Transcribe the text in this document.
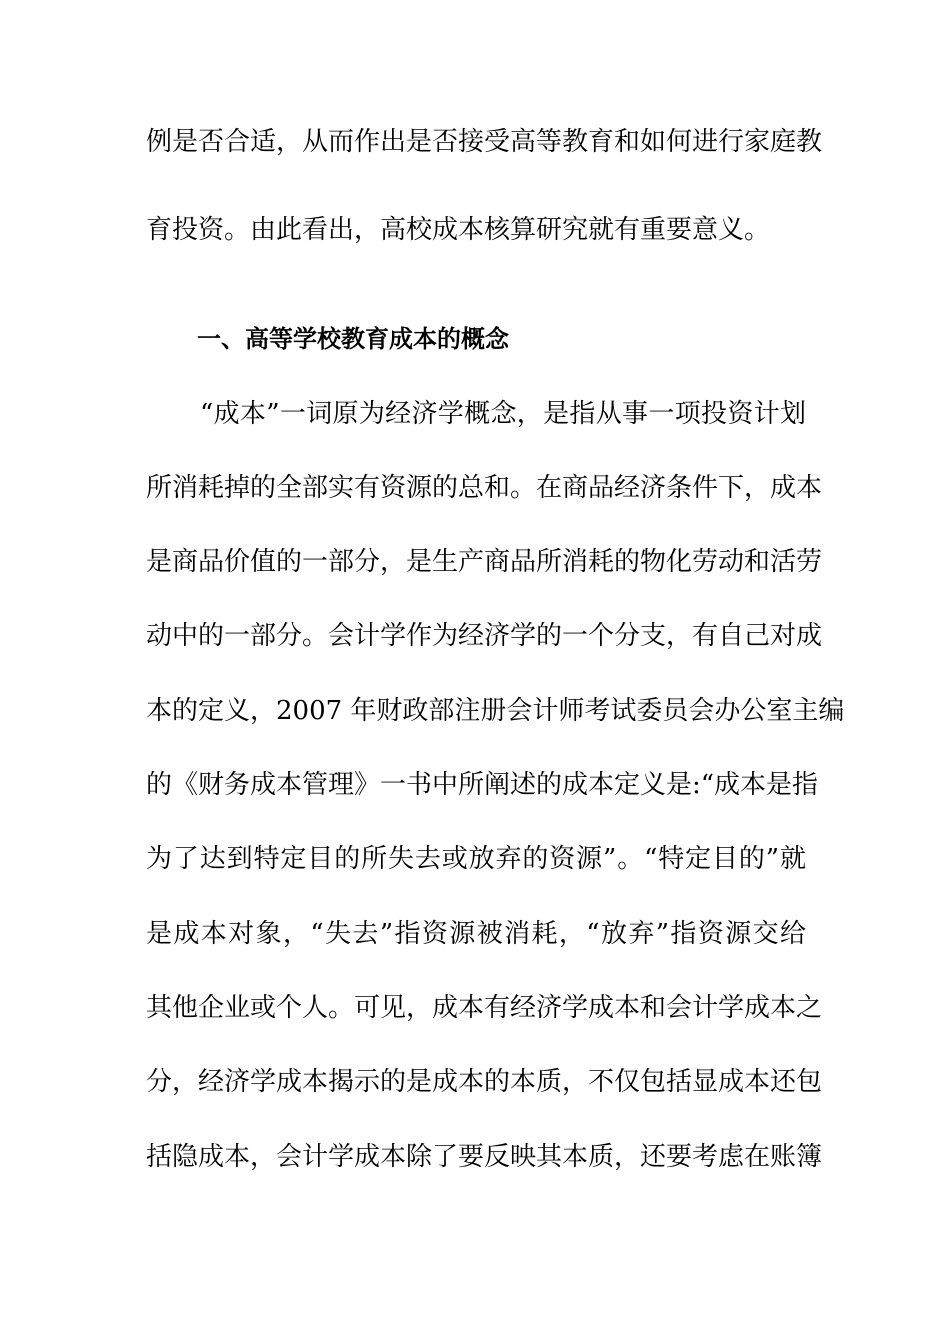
例是否合适，从而作出是否接受高等教育和如何进行家庭教
育投资。由此看出，高校成本核算研究就有重要意义。
一、高等学校教育成本的概念
“成本”一词原为经济学概念，是指从事一项投资计划
所消耗掉的全部实有资源的总和。在商品经济条件下，成本
是商品价值的一部分，是生产商品所消耗的物化劳动和活劳
动中的一部分。会计学作为经济学的一个分支，有自己对成
本的定义，2007 年财政部注册会计师考试委员会办公室主编
的《财务成本管理》一书中所阐述的成本定义是:“成本是指
为了达到特定目的所失去或放弃的资源”。“特定目的”就
是成本对象，“失去”指资源被消耗，“放弃”指资源交给
其他企业或个人。可见，成本有经济学成本和会计学成本之
分，经济学成本揭示的是成本的本质，不仅包括显成本还包
括隐成本，会计学成本除了要反映其本质，还要考虑在账簿
